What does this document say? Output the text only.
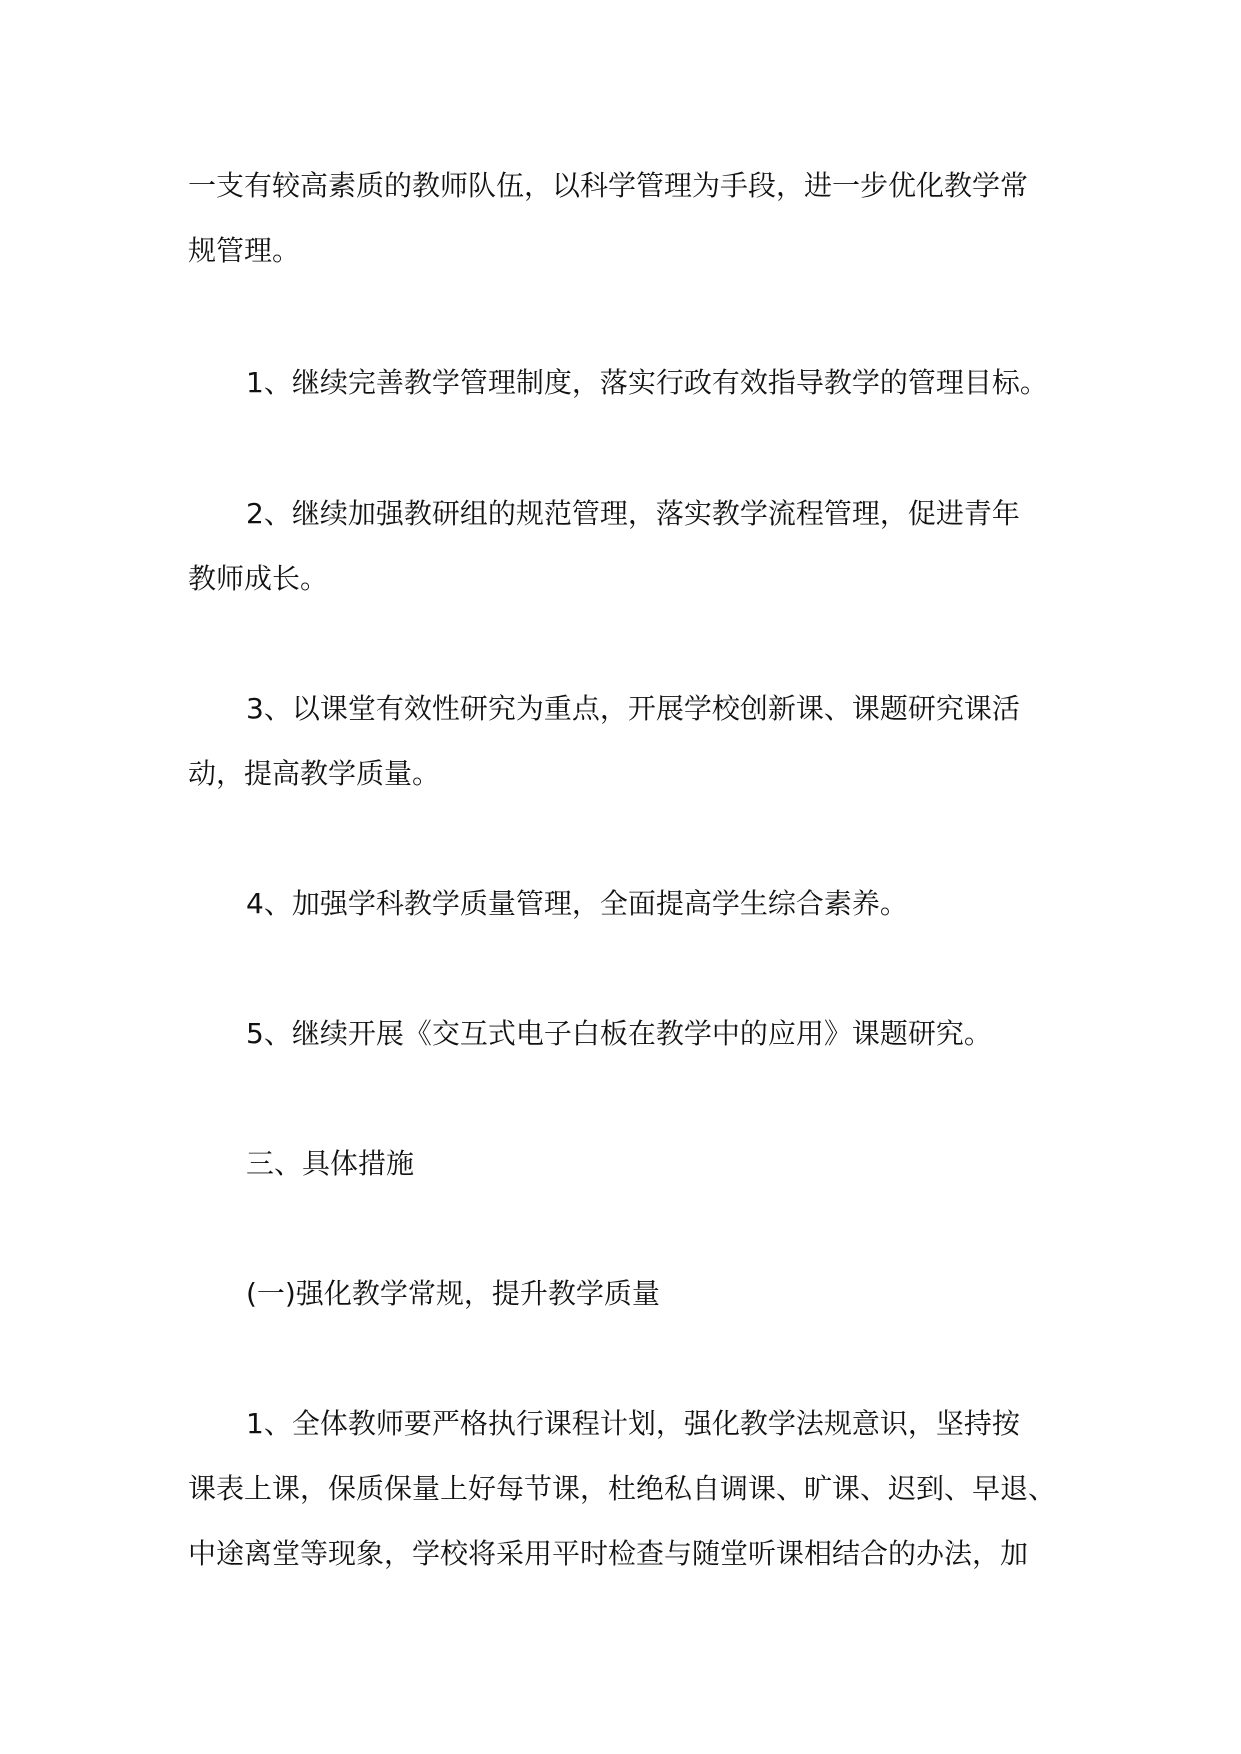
一支有较高素质的教师队伍，以科学管理为手段，进一步优化教学常
规管理。
1、继续完善教学管理制度，落实行政有效指导教学的管理目标。
2、继续加强教研组的规范管理，落实教学流程管理，促进青年
教师成长。
3、以课堂有效性研究为重点，开展学校创新课、课题研究课活
动，提高教学质量。
4、加强学科教学质量管理，全面提高学生综合素养。
5、继续开展《交互式电子白板在教学中的应用》课题研究。
三、具体措施
(一)强化教学常规，提升教学质量
1、全体教师要严格执行课程计划，强化教学法规意识，坚持按
课表上课，保质保量上好每节课，杜绝私自调课、旷课、迟到、早退、
中途离堂等现象，学校将采用平时检查与随堂听课相结合的办法，加
